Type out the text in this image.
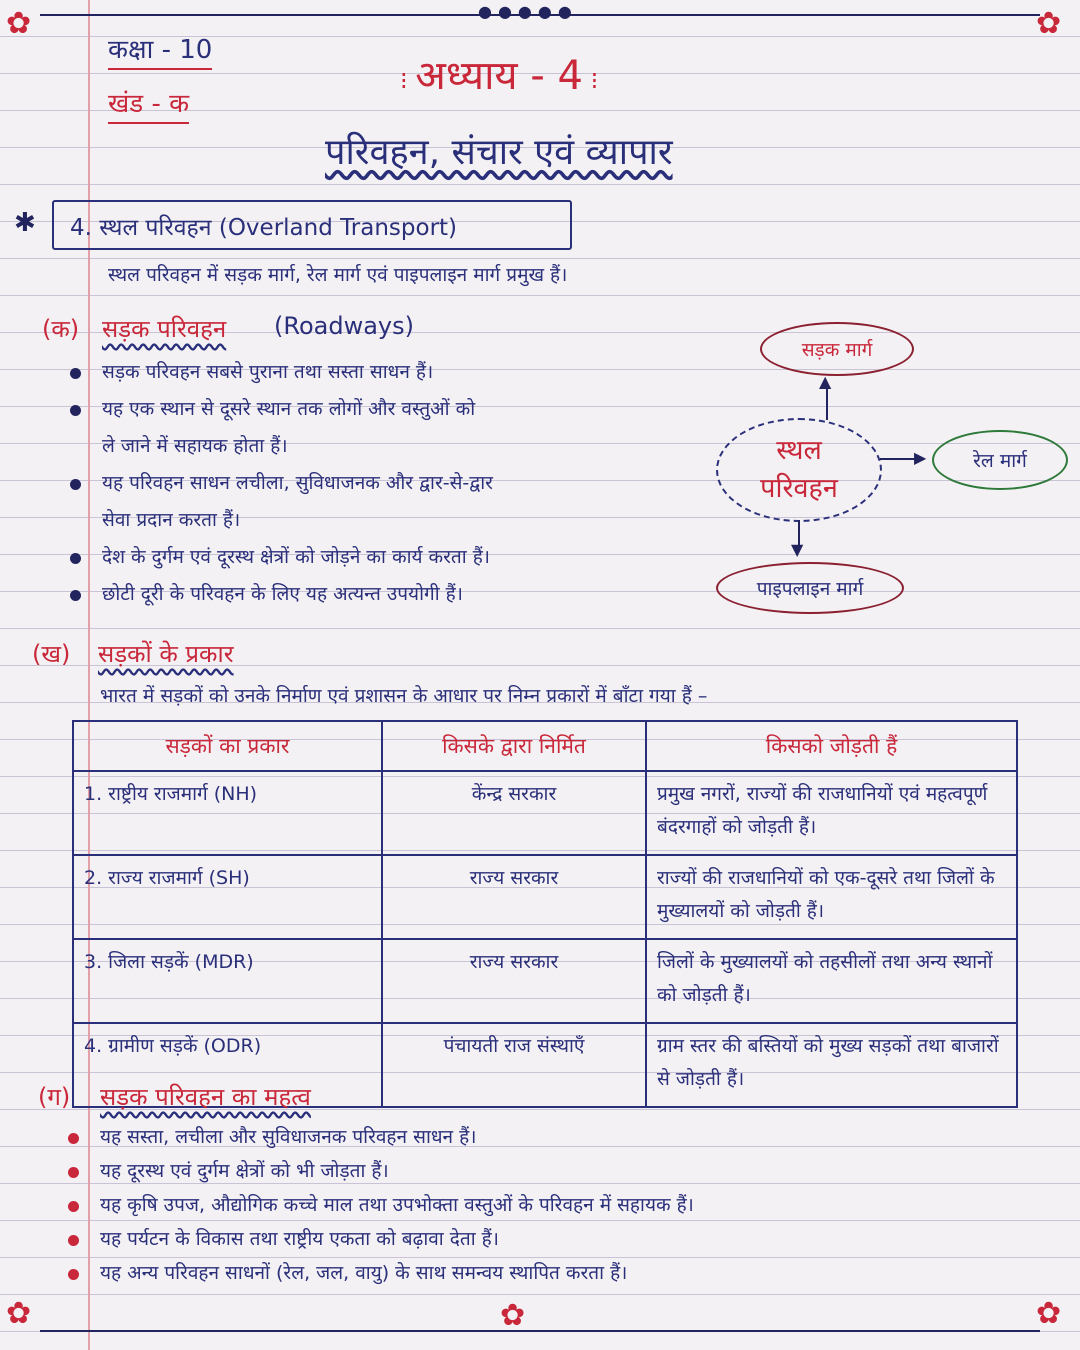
✿	✿
✿	✿
✿
●●●●●
कक्षा - 10
खंड - क
⁝ अध्याय - 4 ⁝
परिवहन, संचार एवं व्यापार
✱	4. स्थल परिवहन (Overland Transport)
स्थल परिवहन में सड़क मार्ग, रेल मार्ग एवं पाइपलाइन मार्ग प्रमुख हैं।
(क) सड़क परिवहन (Roadways)
सड़क परिवहन सबसे पुराना तथा सस्ता साधन हैं।
यह एक स्थान से दूसरे स्थान तक लोगों और वस्तुओं को
ले जाने में सहायक होता हैं।
यह परिवहन साधन लचीला, सुविधाजनक और द्वार-से-द्वार
सेवा प्रदान करता हैं।
देश के दुर्गम एवं दूरस्थ क्षेत्रों को जोड़ने का कार्य करता हैं।
छोटी दूरी के परिवहन के लिए यह अत्यन्त उपयोगी हैं।
सड़क मार्ग
▲
स्थल परिवहन
▶	रेल मार्ग
▼
पाइपलाइन मार्ग
(ख) सड़कों के प्रकार
भारत में सड़कों को उनके निर्माण एवं प्रशासन के आधार पर निम्न प्रकारों में बाँटा गया हैं –
सड़कों का प्रकार	किसके द्वारा निर्मित	किसको जोड़ती हैं
1. राष्ट्रीय राजमार्ग (NH)	केंन्द्र सरकार	प्रमुख नगरों, राज्यों की राजधानियों एवं महत्वपूर्ण बंदरगाहों को जोड़ती हैं।
2. राज्य राजमार्ग (SH)	राज्य सरकार	राज्यों की राजधानियों को एक-दूसरे तथा जिलों के मुख्यालयों को जोड़ती हैं।
3. जिला सड़कें (MDR)	राज्य सरकार	जिलों के मुख्यालयों को तहसीलों तथा अन्य स्थानों को जोड़ती हैं।
4. ग्रामीण सड़कें (ODR)	पंचायती राज संस्थाएँ	ग्राम स्तर की बस्तियों को मुख्य सड़कों तथा बाजारों से जोड़ती हैं।
(ग) सड़क परिवहन का महत्व
यह सस्ता, लचीला और सुविधाजनक परिवहन साधन हैं।
यह दूरस्थ एवं दुर्गम क्षेत्रों को भी जोड़ता हैं।
यह कृषि उपज, औद्योगिक कच्चे माल तथा उपभोक्ता वस्तुओं के परिवहन में सहायक हैं।
यह पर्यटन के विकास तथा राष्ट्रीय एकता को बढ़ावा देता हैं।
यह अन्य परिवहन साधनों (रेल, जल, वायु) के साथ समन्वय स्थापित करता हैं।
